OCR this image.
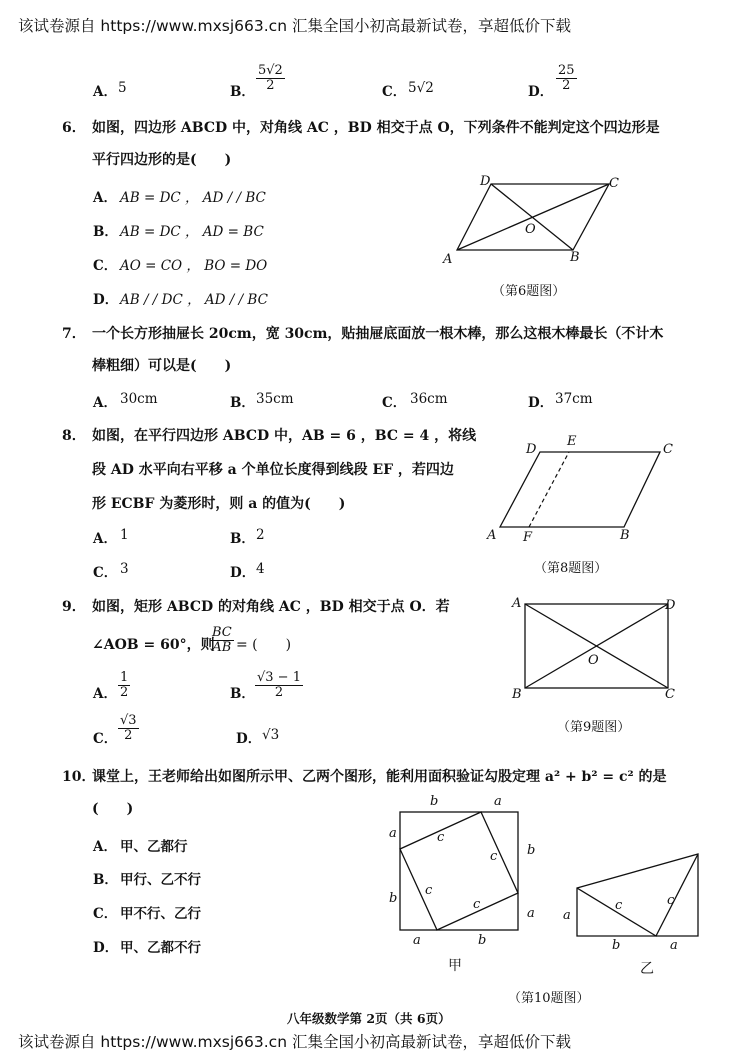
该试卷源自 https://www.mxsj663.cn 汇集全国小初高最新试卷，享超低价下载
A． 5	B． $\frac{5√2}{2}$	C． 5√2	D． $\frac{25}{2}$
6． 如图，四边形 ABCD 中，对角线 AC ，BD 相交于点 O，下列条件不能判定这个四边形是
平行四边形的是(　　)
A． AB = DC ， AD / / BC
B． AB = DC ， AD = BC
C． AO = CO ， BO = DO
D． AB / / DC ， AD / / BC
D	C
O
A	B
（第6题图）
7． 一个长方形抽屉长 20cm，宽 30cm，贴抽屉底面放一根木棒，那么这根木棒最长（不计木
棒粗细）可以是(　　)
A． 30cm	B． 35cm	C． 36cm	D． 37cm
8． 如图，在平行四边形 ABCD 中，AB = 6 ，BC = 4 ，将线
段 AD 水平向右平移 a 个单位长度得到线段 EF ，若四边
形 ECBF 为菱形时，则 a 的值为(　　)
A． 1	B． 2
C． 3	D． 4
D
E
C
A F	B
（第8题图）
9． 如图，矩形 ABCD 的对角线 AC ，BD 相交于点 O．若
∠AOB = 60°，则
$\frac{BC}{AB}$ = (　　)
A． $\frac{1}{2}$	B． $\frac{√3 - 1}{2}$
C． $\frac{√3}{2}$	D． √3
A	D
O
B	C
（第9题图）
10．
课堂上，王老师给出如图所示甲、乙两个图形，能利用面积验证勾股定理 a² + b² = c² 的是
(　　)
A． 甲、乙都行
B． 甲行、乙不行
C． 甲不行、乙行
D． 甲、乙都不行
b	a
a
b
b
a
a	b
c
c
c
c
甲
a
b	a
c	c
乙
（第10题图）
八年级数学第 2页（共 6页）
该试卷源自 https://www.mxsj663.cn 汇集全国小初高最新试卷，享超低价下载
